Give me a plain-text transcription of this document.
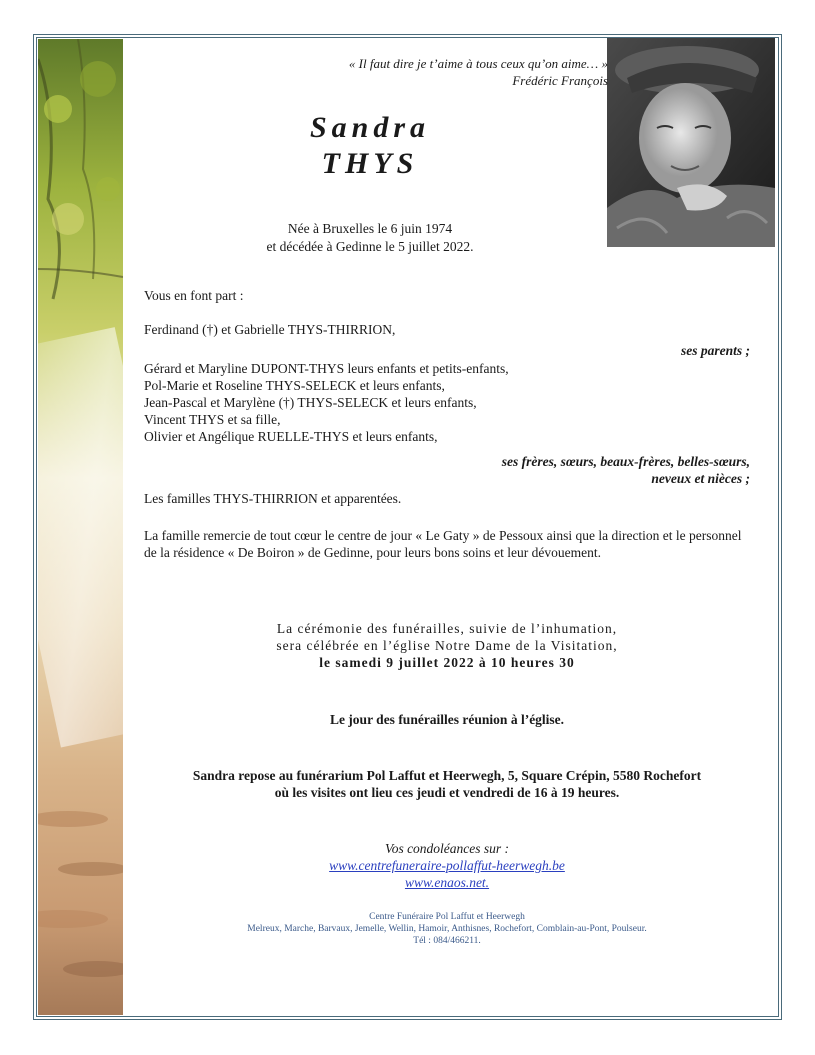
« Il faut dire je t’aime à tous ceux qu’on aime… »
Frédéric François
Sandra
THYS
Née à Bruxelles le 6 juin 1974
et décédée à Gedinne le 5 juillet 2022.
Vous en font part :
Ferdinand (†) et Gabrielle THYS-THIRRION,
ses parents ;
Gérard et Maryline DUPONT-THYS leurs enfants et petits-enfants,
Pol-Marie et Roseline THYS-SELECK et leurs enfants,
Jean-Pascal et Marylène (†) THYS-SELECK et leurs enfants,
Vincent THYS et sa fille,
Olivier et Angélique RUELLE-THYS et leurs enfants,
ses frères, sœurs, beaux-frères, belles-sœurs,
neveux et nièces ;
Les familles THYS-THIRRION et apparentées.
La famille remercie de tout cœur le centre de jour « Le Gaty » de Pessoux ainsi que la direction et le personnel de la résidence « De Boiron » de Gedinne, pour leurs bons soins et leur dévouement.
La cérémonie des funérailles, suivie de l’inhumation,
sera célébrée en l’église Notre Dame de la Visitation,
le samedi 9 juillet 2022 à 10 heures 30
Le jour des funérailles réunion à l’église.
Sandra repose au funérarium Pol Laffut et Heerwegh, 5, Square Crépin, 5580 Rochefort
où les visites ont lieu ces jeudi et vendredi de 16 à 19 heures.
Vos condoléances sur :
www.centrefuneraire-pollaffut-heerwegh.be
www.enaos.net.
Centre Funéraire Pol Laffut et Heerwegh
Melreux, Marche, Barvaux, Jemelle, Wellin, Hamoir, Anthisnes, Rochefort, Comblain-au-Pont, Poulseur.
Tél : 084/466211.
